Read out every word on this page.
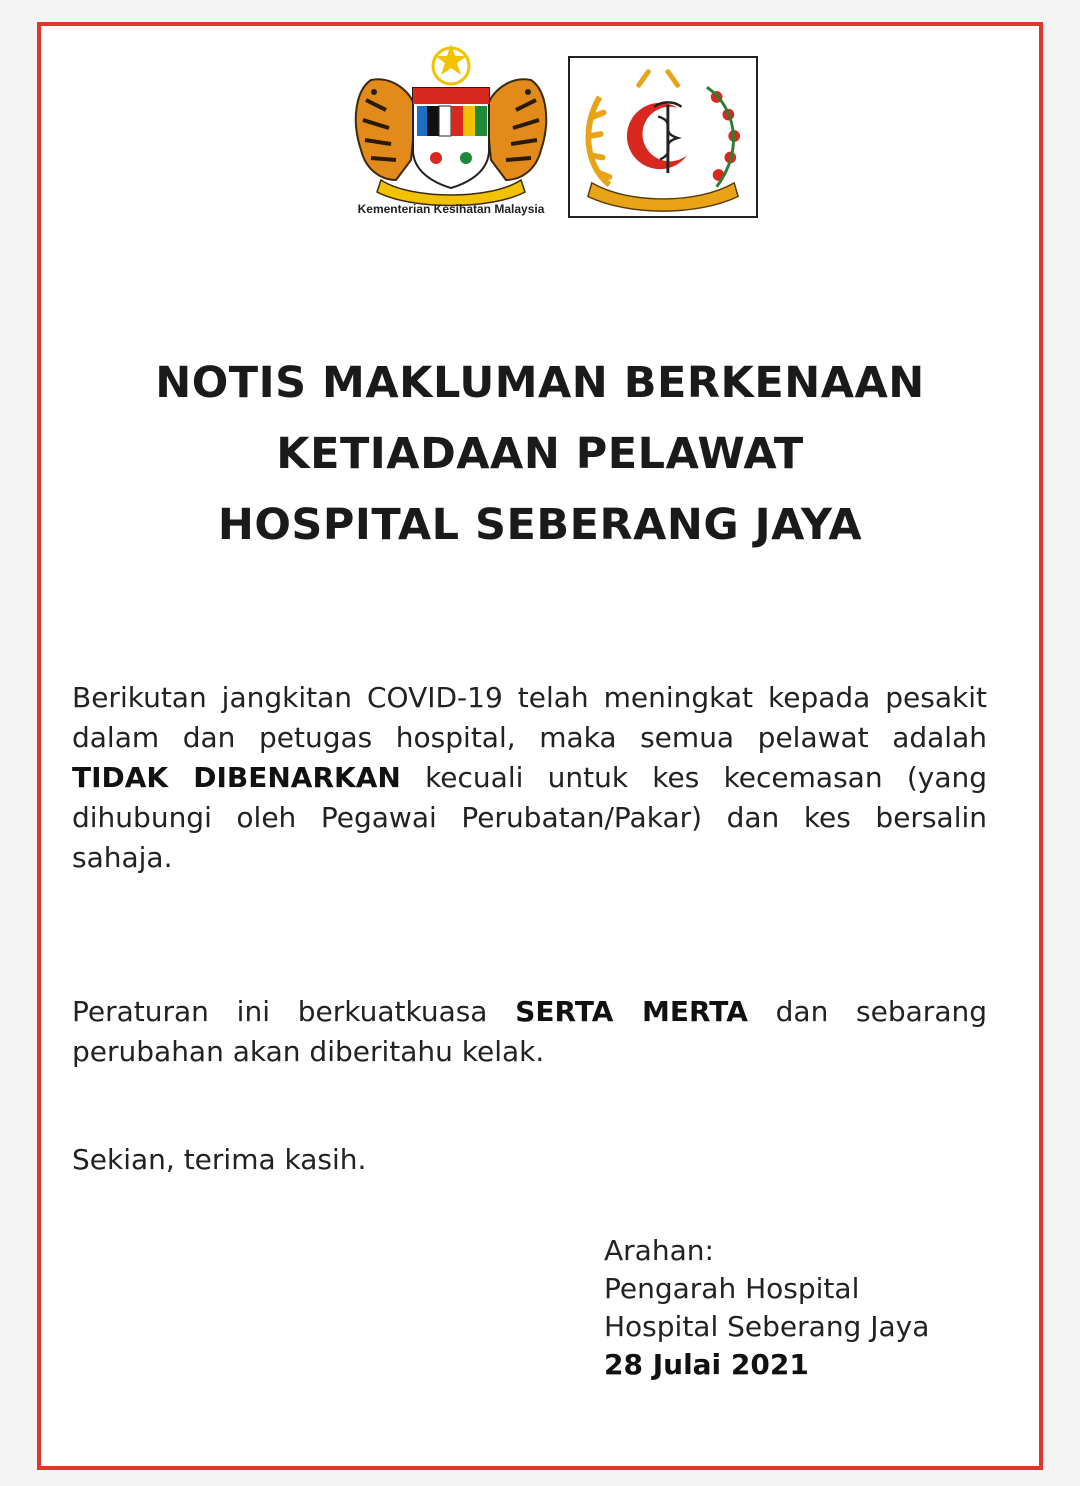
Kementerian Kesihatan Malaysia
NOTIS MAKLUMAN BERKENAAN
KETIADAAN PELAWAT
HOSPITAL SEBERANG JAYA
Berikutan jangkitan COVID-19 telah meningkat kepada pesakit dalam dan petugas hospital, maka semua pelawat adalah TIDAK DIBENARKAN kecuali untuk kes kecemasan (yang dihubungi oleh Pegawai Perubatan/Pakar) dan kes bersalin sahaja.
Peraturan ini berkuatkuasa SERTA MERTA dan sebarang perubahan akan diberitahu kelak.
Sekian, terima kasih.
Arahan:
Pengarah Hospital
Hospital Seberang Jaya
28 Julai 2021
